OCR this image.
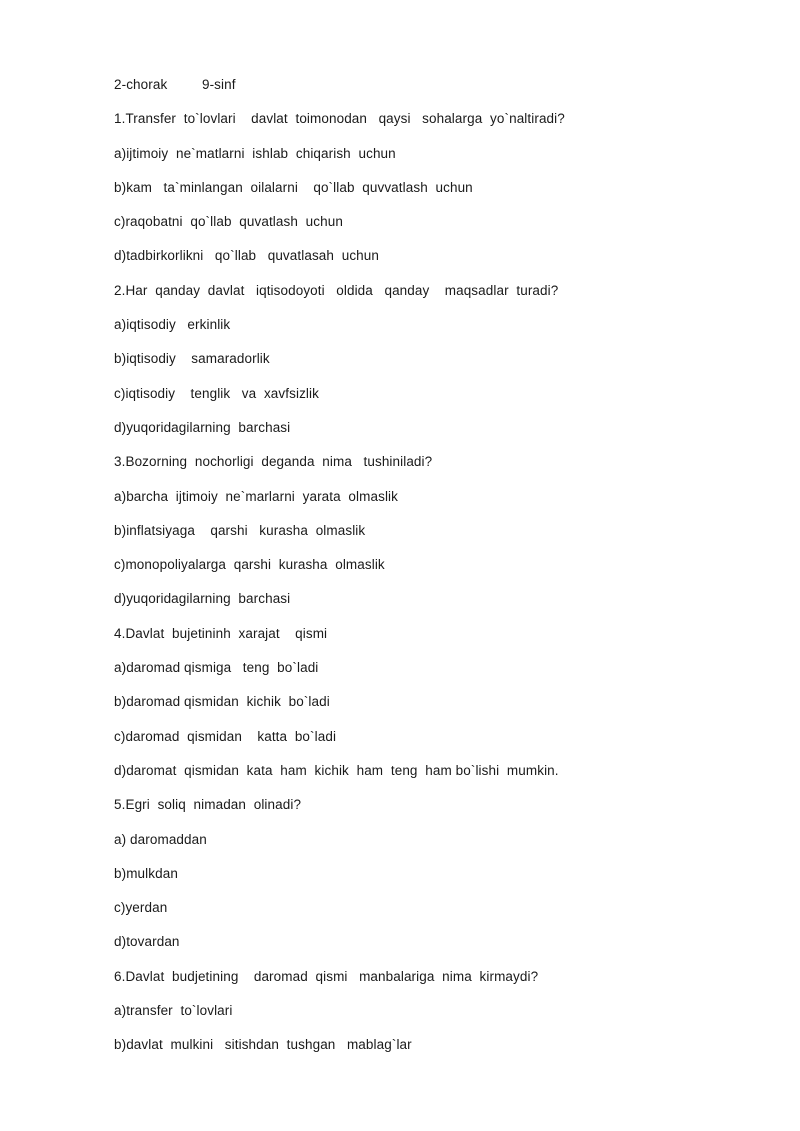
2-chorak         9-sinf
1.Transfer  to`lovlari    davlat  toimonodan   qaysi   sohalarga  yo`naltiradi?
a)ijtimoiy  ne`matlarni  ishlab  chiqarish  uchun
b)kam   ta`minlangan  oilalarni    qo`llab  quvvatlash  uchun
c)raqobatni  qo`llab  quvatlash  uchun
d)tadbirkorlikni   qo`llab   quvatlasah  uchun
2.Har  qanday  davlat   iqtisodoyoti   oldida   qanday    maqsadlar  turadi?
a)iqtisodiy   erkinlik
b)iqtisodiy    samaradorlik
c)iqtisodiy    tenglik   va  xavfsizlik
d)yuqoridagilarning  barchasi
3.Bozorning  nochorligi  deganda  nima   tushiniladi?
a)barcha  ijtimoiy  ne`marlarni  yarata  olmaslik
b)inflatsiyaga    qarshi   kurasha  olmaslik
c)monopoliyalarga  qarshi  kurasha  olmaslik
d)yuqoridagilarning  barchasi
4.Davlat  bujetininh  xarajat    qismi
a)daromad qismiga   teng  bo`ladi
b)daromad qismidan  kichik  bo`ladi
c)daromad  qismidan    katta  bo`ladi
d)daromat  qismidan  kata  ham  kichik  ham  teng  ham bo`lishi  mumkin.
5.Egri  soliq  nimadan  olinadi?
a) daromaddan
b)mulkdan
c)yerdan
d)tovardan
6.Davlat  budjetining    daromad  qismi   manbalariga  nima  kirmaydi?
a)transfer  to`lovlari
b)davlat  mulkini   sitishdan  tushgan   mablag`lar
